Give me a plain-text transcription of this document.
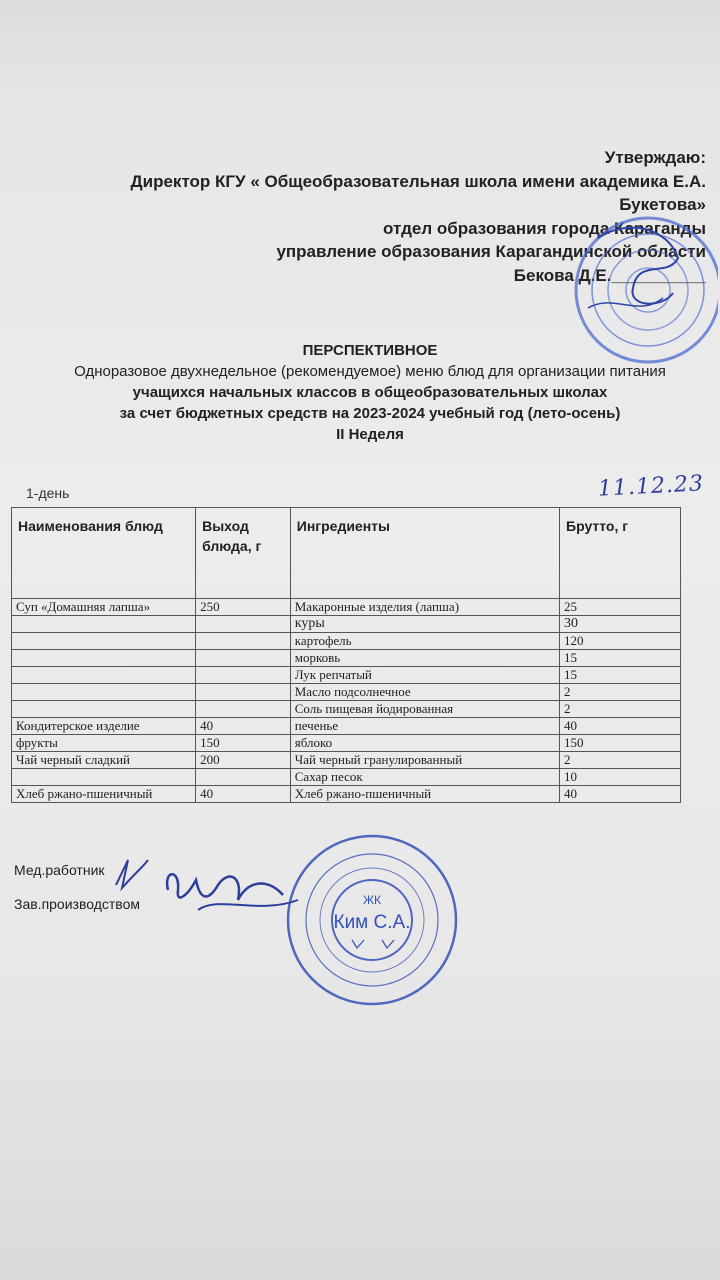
Утверждаю:
Директор КГУ « Общеобразовательная школа имени академика Е.А. Букетова»
отдел образования города Караганды
управление образования Карагандинской области
Бекова Д.Е.__________
ПЕРСПЕКТИВНОЕ
Одноразовое двухнедельное (рекомендуемое) меню блюд для организации питания
учащихся начальных классов в общеобразовательных школах
за счет бюджетных средств на 2023-2024 учебный год (лето-осень)
II Неделя
1-день	11.12.23
Наименования блюд	Выход блюда, г	Ингредиенты	Брутто, г
Суп «Домашняя лапша»	250	Макаронные изделия (лапша)	25
		куры	30
		картофель	120
		морковь	15
		Лук репчатый	15
		Масло подсолнечное	2
		Соль пищевая йодированная	2
Кондитерское изделие	40	печенье	40
фрукты	150	яблоко	150
Чай черный сладкий	200	Чай черный гранулированный	2
		Сахар песок	10
Хлеб ржано-пшеничный	40	Хлеб ржано-пшеничный	40
Мед.работник
Зав.производством	ЖК
Ким С.А.
